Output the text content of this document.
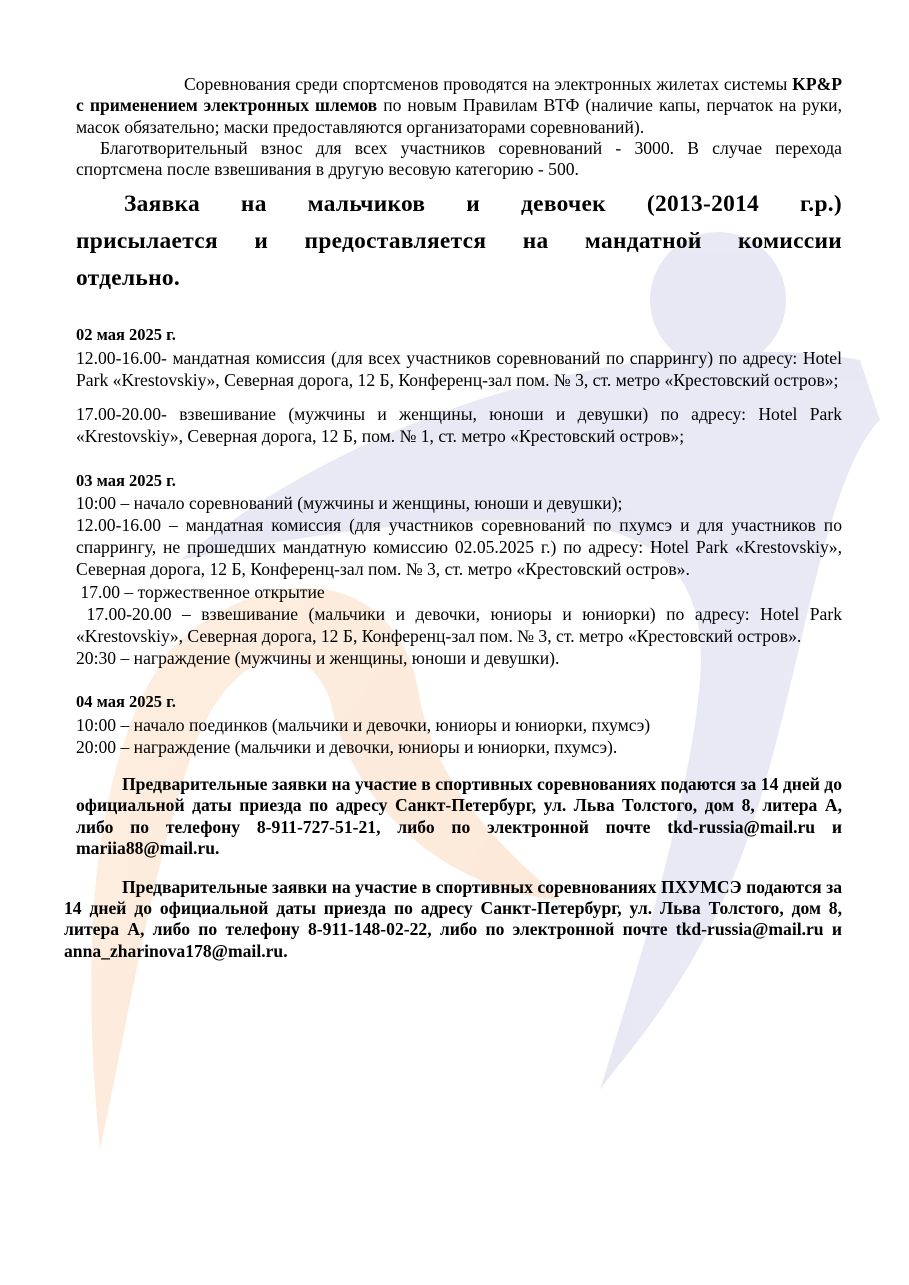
Соревнования среди спортсменов проводятся на электронных жилетах системы KP&P с применением электронных шлемов по новым Правилам ВТФ (наличие капы, перчаток на руки, масок обязательно; маски предоставляются организаторами соревнований).

Благотворительный взнос для всех участников соревнований - 3000. В случае перехода спортсмена после взвешивания в другую весовую категорию - 500.

Заявка на мальчиков и девочек (2013-2014 г.р.) присылается и предоставляется на мандатной комиссии отдельно.

02 мая 2025 г.

12.00-16.00- мандатная комиссия (для всех участников соревнований по спаррингу) по адресу: Hotel Park «Krestovskiy», Северная дорога, 12 Б, Конференц-зал пом. № 3, ст. метро «Крестовский остров»;

17.00-20.00- взвешивание (мужчины и женщины, юноши и девушки) по адресу: Hotel Park «Krestovskiy», Северная дорога, 12 Б, пом. № 1, ст. метро «Крестовский остров»;

03 мая 2025 г.

10:00 – начало соревнований (мужчины и женщины, юноши и девушки);

12.00-16.00 – мандатная комиссия (для участников соревнований по пхумсэ и для участников по спаррингу, не прошедших мандатную комиссию 02.05.2025 г.) по адресу: Hotel Park «Krestovskiy», Северная дорога, 12 Б, Конференц-зал пом. № 3, ст. метро «Крестовский остров».

17.00 – торжественное открытие

17.00-20.00 – взвешивание (мальчики и девочки, юниоры и юниорки) по адресу: Hotel Park «Krestovskiy», Северная дорога, 12 Б, Конференц-зал пом. № 3, ст. метро «Крестовский остров».

20:30 – награждение (мужчины и женщины, юноши и девушки).

04 мая 2025 г.

10:00 – начало поединков (мальчики и девочки, юниоры и юниорки, пхумсэ)

20:00 – награждение (мальчики и девочки, юниоры и юниорки, пхумсэ).

Предварительные заявки на участие в спортивных соревнованиях подаются за 14 дней до официальной даты приезда по адресу Санкт-Петербург, ул. Льва Толстого, дом 8, литера А, либо по телефону 8-911-727-51-21, либо по электронной почте tkd-russia@mail.ru и mariia88@mail.ru.

Предварительные заявки на участие в спортивных соревнованиях ПХУМСЭ подаются за 14 дней до официальной даты приезда по адресу Санкт-Петербург, ул. Льва Толстого, дом 8, литера А, либо по телефону 8-911-148-02-22, либо по электронной почте tkd-russia@mail.ru и anna_zharinova178@mail.ru.
